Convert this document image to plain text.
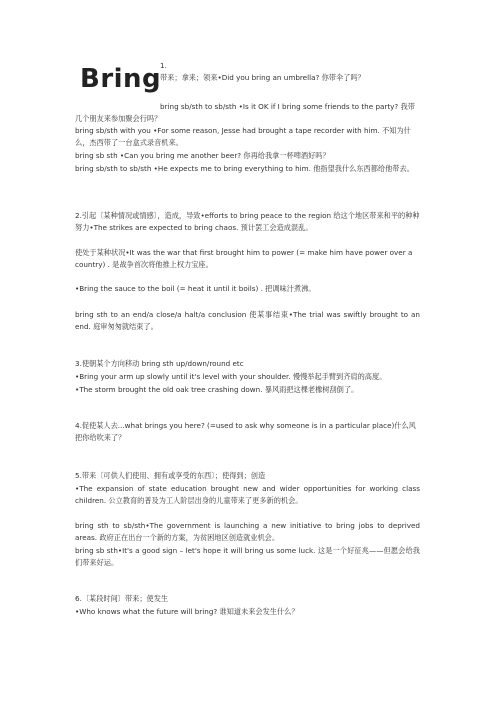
Bring
1.
带来；拿来；领来•Did you bring an umbrella? 你带伞了吗？

bring sb/sth to sb/sth •Is it OK if I bring some friends to the party? 我带几个朋友来参加聚会行吗？

bring sb/sth with you •For some reason, Jesse had brought a tape recorder with him. 不知为什么，杰西带了一台盒式录音机来。

bring sb sth •Can you bring me another beer? 你再给我拿一杯啤酒好吗？

bring sb/sth to sb/sth •He expects me to bring everything to him. 他指望我什么东西都给他带去。

2.引起〔某种情况或情感〕，造成，导致•efforts to bring peace to the region 给这个地区带来和平的种种努力•The strikes are expected to bring chaos. 预计罢工会造成混乱。

使处于某种状况•It was the war that first brought him to power (= make him have power over a country) . 是战争首次将他推上权力宝座。

•Bring the sauce to the boil (= heat it until it boils) . 把调味汁煮沸。

bring sth to an end/a close/a halt/a conclusion 使某事结束•The trial was swiftly brought to an end. 庭审匆匆就结束了。

3.使朝某个方向移动 bring sth up/down/round etc

•Bring your arm up slowly until it's level with your shoulder. 慢慢举起手臂到齐肩的高度。

•The storm brought the old oak tree crashing down. 暴风雨把这棵老橡树刮倒了。

4.促使某人去...what brings you here? (=used to ask why someone is in a particular place)什么风把你给吹来了？

5.带来〔可供人们使用、拥有或享受的东西〕；使得到；创造

•The expansion of state education brought new and wider opportunities for working class children. 公立教育的普及为工人阶层出身的儿童带来了更多新的机会。

bring sth to sb/sth•The government is launching a new initiative to bring jobs to deprived areas. 政府正在出台一个新的方案，为贫困地区创造就业机会。

bring sb sth•It's a good sign – let's hope it will bring us some luck. 这是一个好征兆——但愿会给我们带来好运。

6.〔某段时间〕带来；使发生

•Who knows what the future will bring? 谁知道未来会发生什么？
